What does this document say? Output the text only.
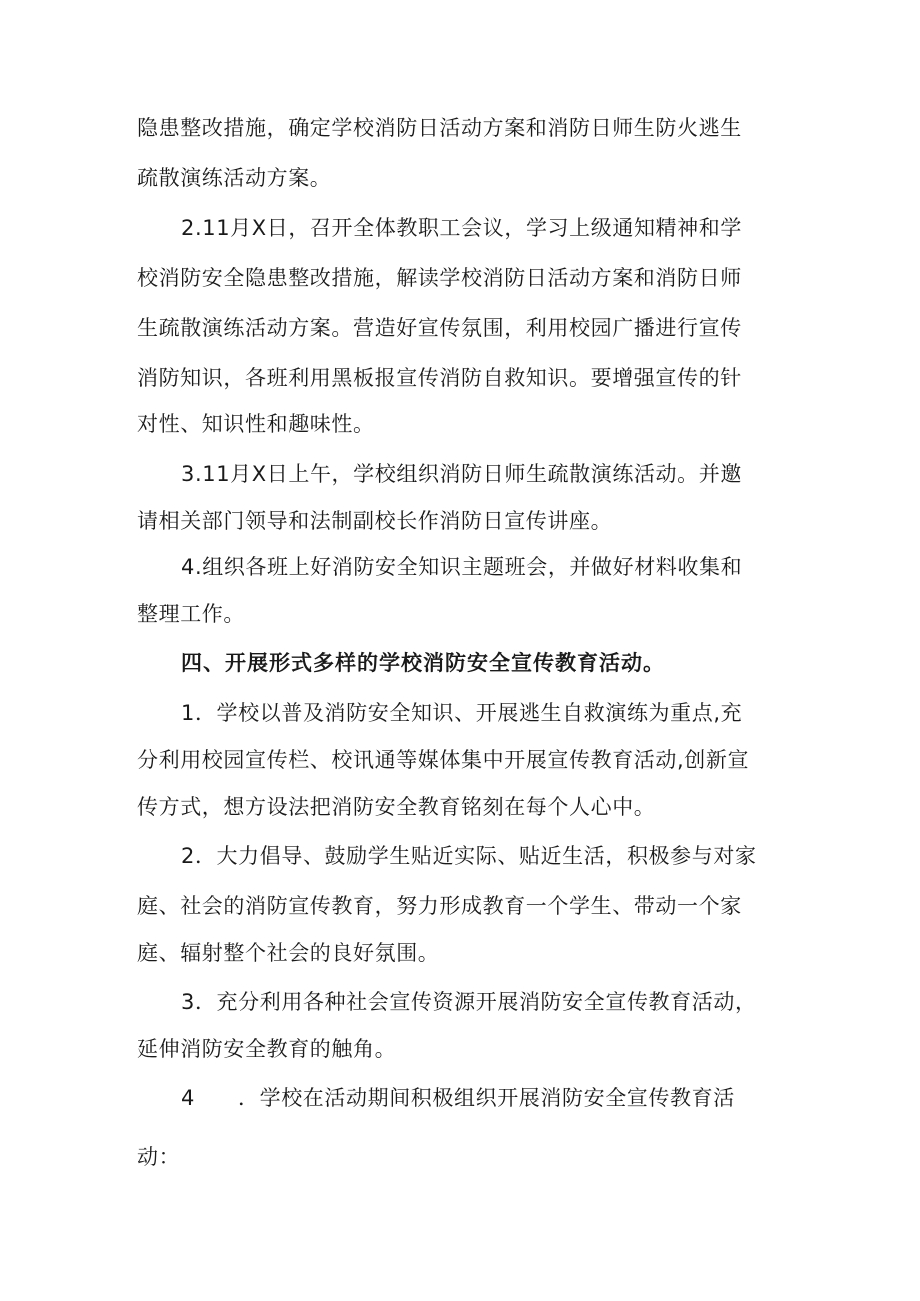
隐患整改措施，确定学校消防日活动方案和消防日师生防火逃生
疏散演练活动方案。
2.11月X日，召开全体教职工会议，学习上级通知精神和学
校消防安全隐患整改措施，解读学校消防日活动方案和消防日师
生疏散演练活动方案。营造好宣传氛围，利用校园广播进行宣传
消防知识，各班利用黑板报宣传消防自救知识。要增强宣传的针
对性、知识性和趣味性。
3.11月X日上午，学校组织消防日师生疏散演练活动。并邀
请相关部门领导和法制副校长作消防日宣传讲座。
4.组织各班上好消防安全知识主题班会，并做好材料收集和
整理工作。
四、开展形式多样的学校消防安全宣传教育活动。
1．学校以普及消防安全知识、开展逃生自救演练为重点,充
分利用校园宣传栏、校讯通等媒体集中开展宣传教育活动,创新宣
传方式，想方设法把消防安全教育铭刻在每个人心中。
2．大力倡导、鼓励学生贴近实际、贴近生活，积极参与对家
庭、社会的消防宣传教育，努力形成教育一个学生、带动一个家
庭、辐射整个社会的良好氛围。
3．充分利用各种社会宣传资源开展消防安全宣传教育活动，
延伸消防安全教育的触角。
4 ．学校在活动期间积极组织开展消防安全宣传教育活
动：
